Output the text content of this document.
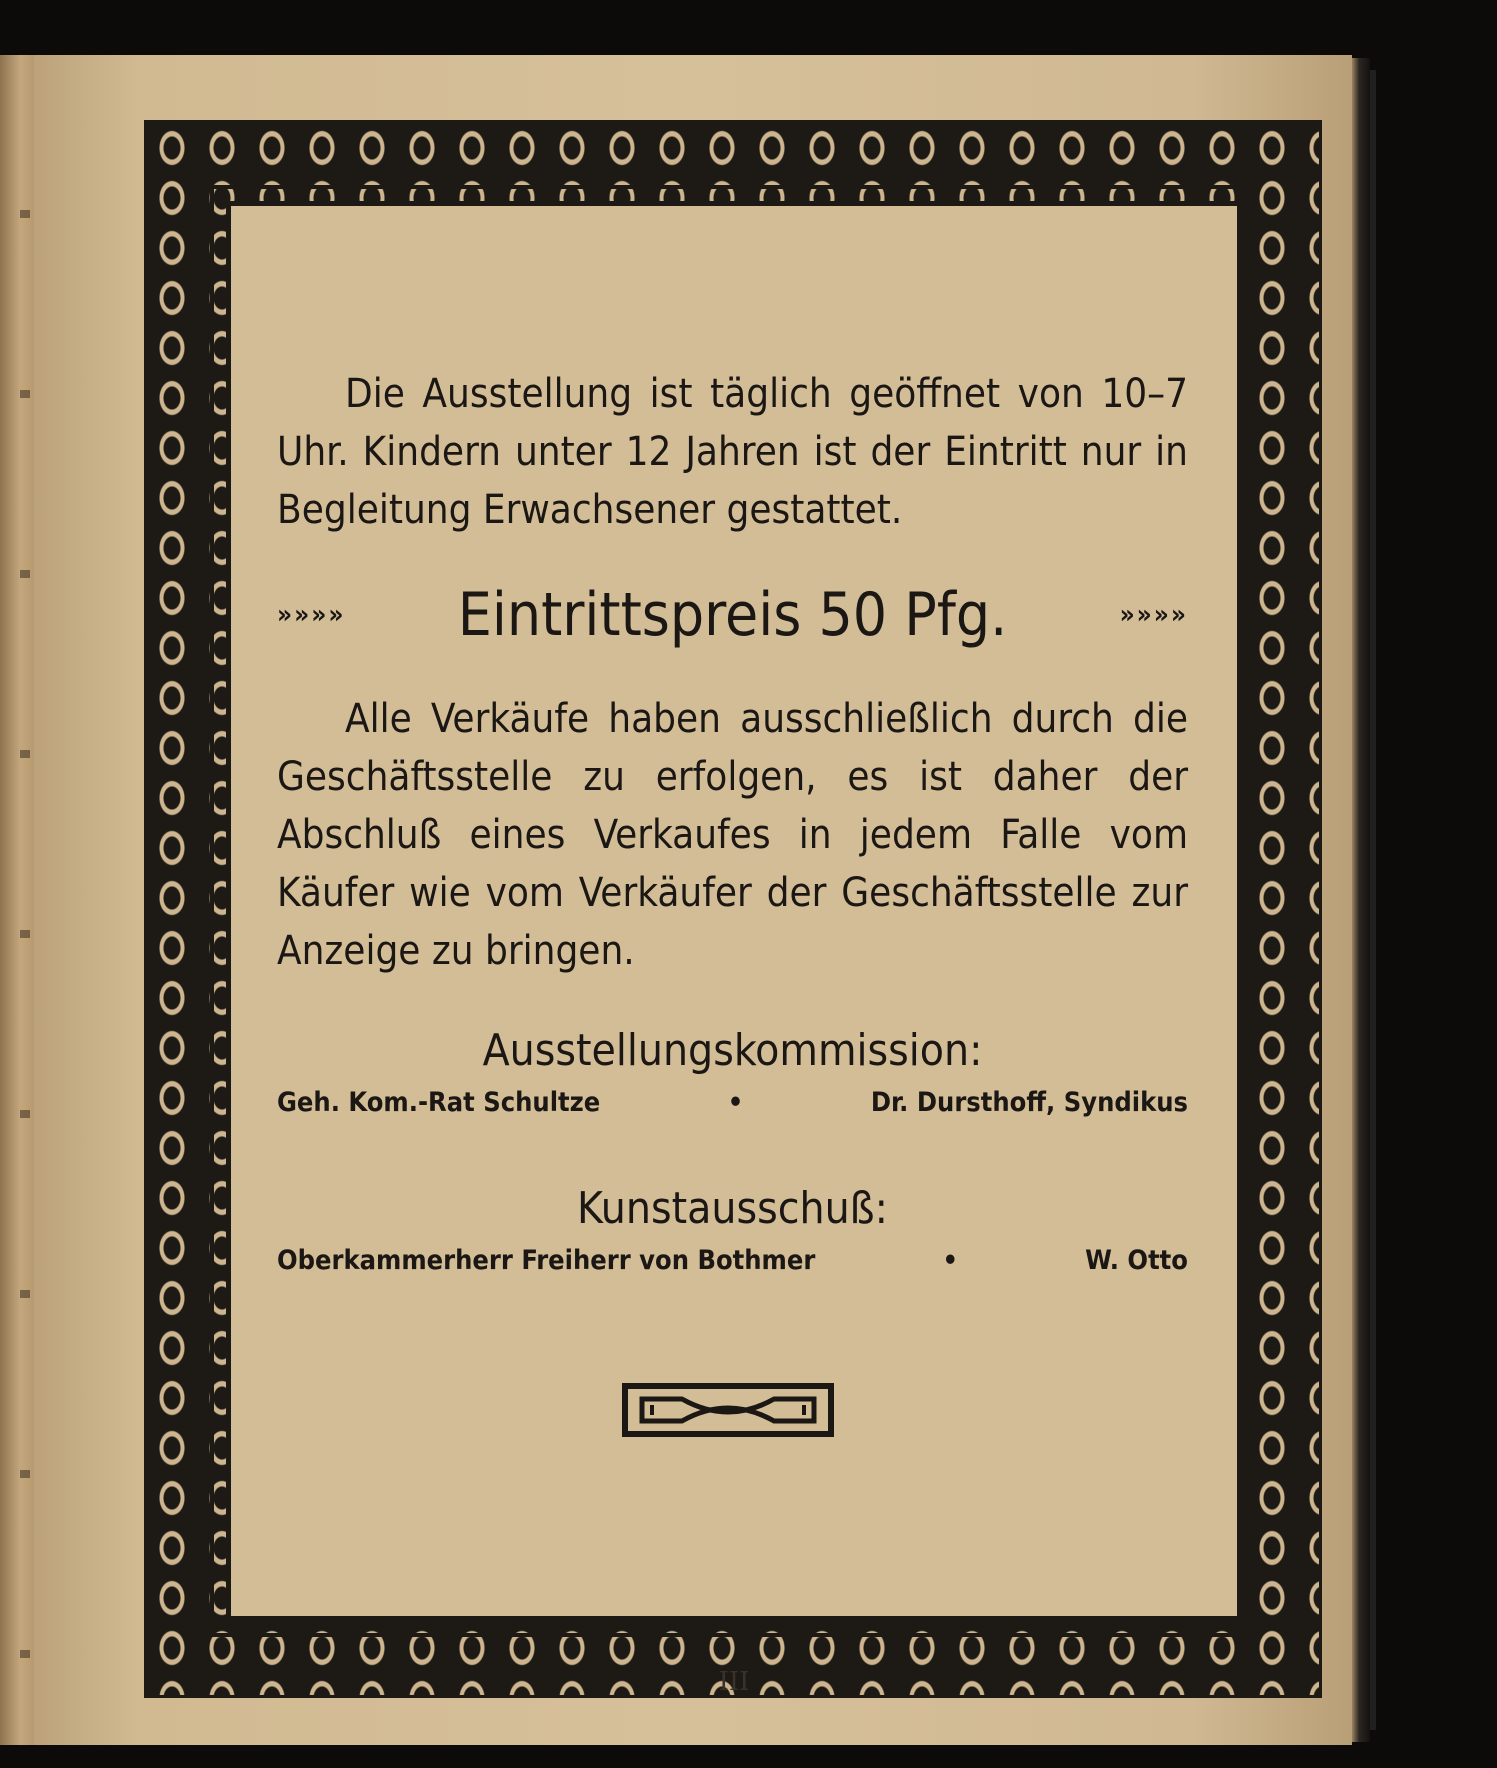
Die Ausstellung ist täglich geöffnet von 10–7 Uhr. Kindern unter 12 Jahren ist der Eintritt nur in Begleitung Erwachsener gestattet.
»»»» Eintrittspreis 50 Pfg.	»»»»
Alle Verkäufe haben ausschließlich durch die Geschäftsstelle zu erfolgen, es ist daher der Abschluß eines Verkaufes in jedem Falle vom Käufer wie vom Verkäufer der Geschäftsstelle zur Anzeige zu bringen.
Ausstellungskommission:
Geh. Kom.-Rat Schultze	•	Dr. Dursthoff, Syndikus
Kunstausschuß:
Oberkammerherr Freiherr von Bothmer	•	W. Otto
III
